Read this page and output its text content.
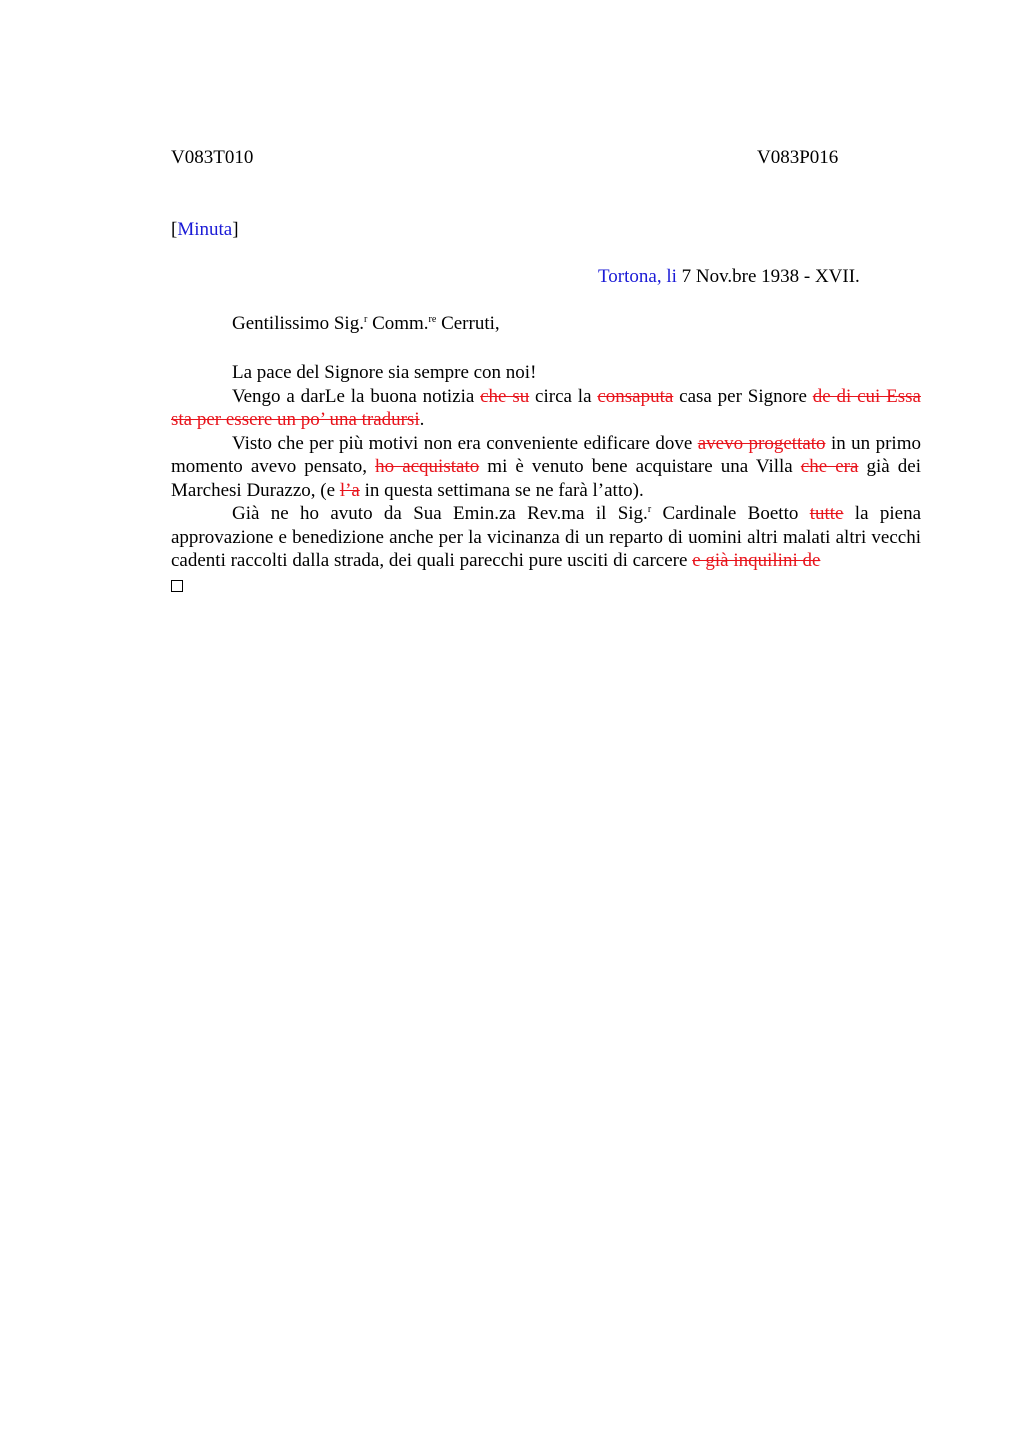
V083T010	V083P016
[Minuta]
Tortona, li 7 Nov.bre 1938 - XVII.
Gentilissimo Sig.$^r$ Comm.$^{re}$ Cerruti,

La pace del Signore sia sempre con noi!

Vengo a darLe la buona notizia che su circa la consaputa casa per Signore de di cui Essa sta per essere un po’ una tradursi.

Visto che per più motivi non era conveniente edificare dove avevo progettato in un primo momento avevo pensato, ho acquistato mi è venuto bene acquistare una Villa che era già dei Marchesi Durazzo, (e l’a in questa settimana se ne farà l’atto).

Già ne ho avuto da Sua Emin.za Rev.ma il Sig.$^r$ Cardinale Boetto tutte la piena approvazione e benedizione anche per la vicinanza di un reparto di uomini altri malati altri vecchi cadenti raccolti dalla strada, dei quali parecchi pure usciti di carcere e già inquilini de
